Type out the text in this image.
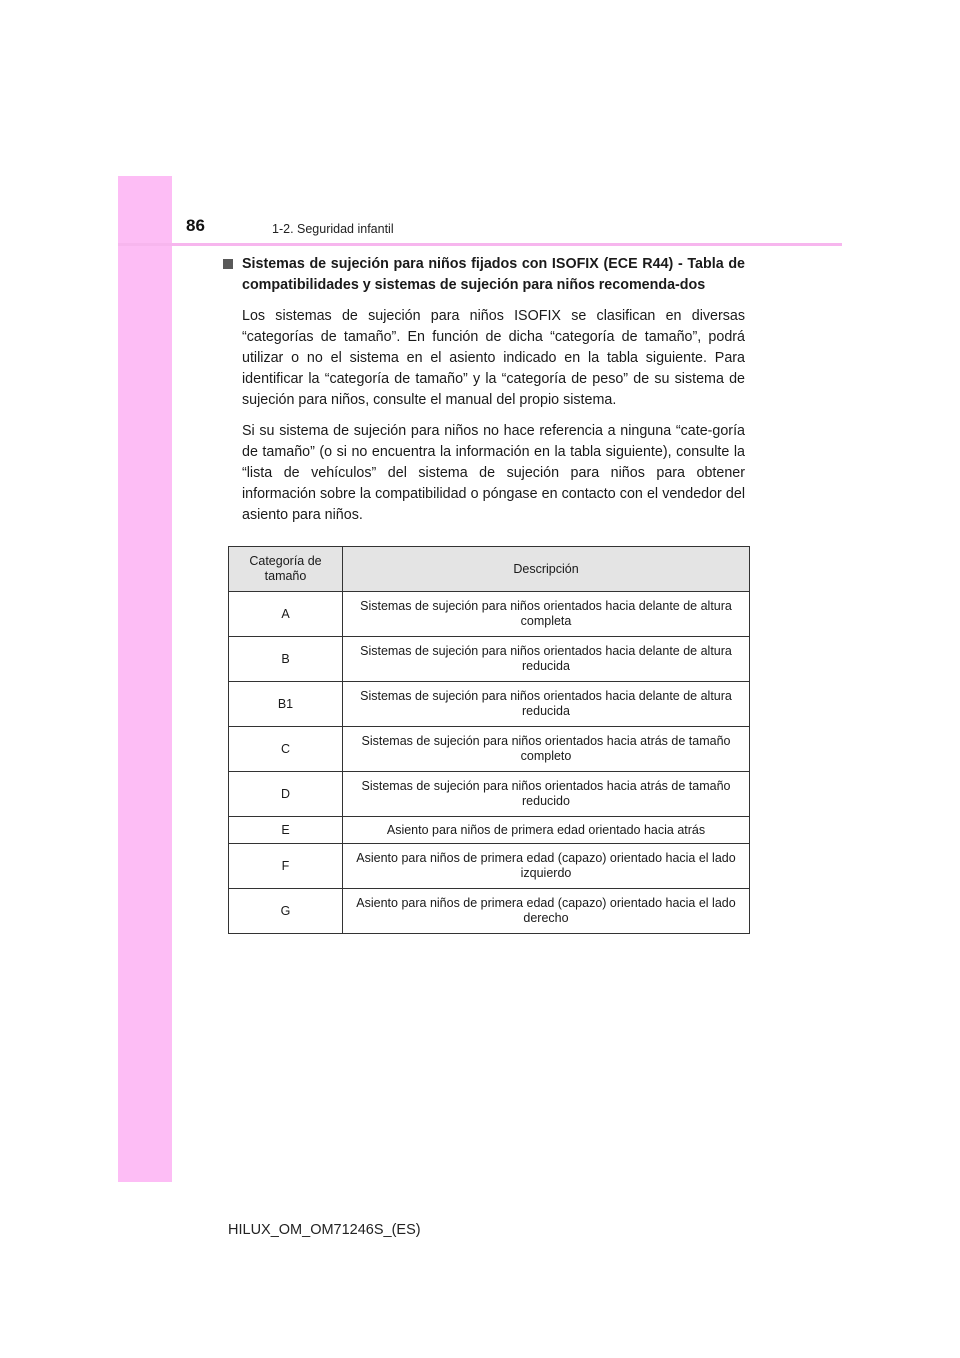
86	1-2. Seguridad infantil

Sistemas de sujeción para niños fijados con ISOFIX (ECE R44) - Tabla de compatibilidades y sistemas de sujeción para niños recomenda-dos

Los sistemas de sujeción para niños ISOFIX se clasifican en diversas “categorías de tamaño”. En función de dicha “categoría de tamaño”, podrá utilizar o no el sistema en el asiento indicado en la tabla siguiente. Para identificar la “categoría de tamaño” y la “categoría de peso” de su sistema de sujeción para niños, consulte el manual del propio sistema.

Si su sistema de sujeción para niños no hace referencia a ninguna “cate-goría de tamaño” (o si no encuentra la información en la tabla siguiente), consulte la “lista de vehículos” del sistema de sujeción para niños para obtener información sobre la compatibilidad o póngase en contacto con el vendedor del asiento para niños.

Categoría de tamaño	Descripción
A	Sistemas de sujeción para niños orientados hacia delante de altura completa
B	Sistemas de sujeción para niños orientados hacia delante de altura reducida
B1	Sistemas de sujeción para niños orientados hacia delante de altura reducida
C	Sistemas de sujeción para niños orientados hacia atrás de tamaño completo
D	Sistemas de sujeción para niños orientados hacia atrás de tamaño reducido
E	Asiento para niños de primera edad orientado hacia atrás
F	Asiento para niños de primera edad (capazo) orientado hacia el lado izquierdo
G	Asiento para niños de primera edad (capazo) orientado hacia el lado derecho
HILUX_OM_OM71246S_(ES)
